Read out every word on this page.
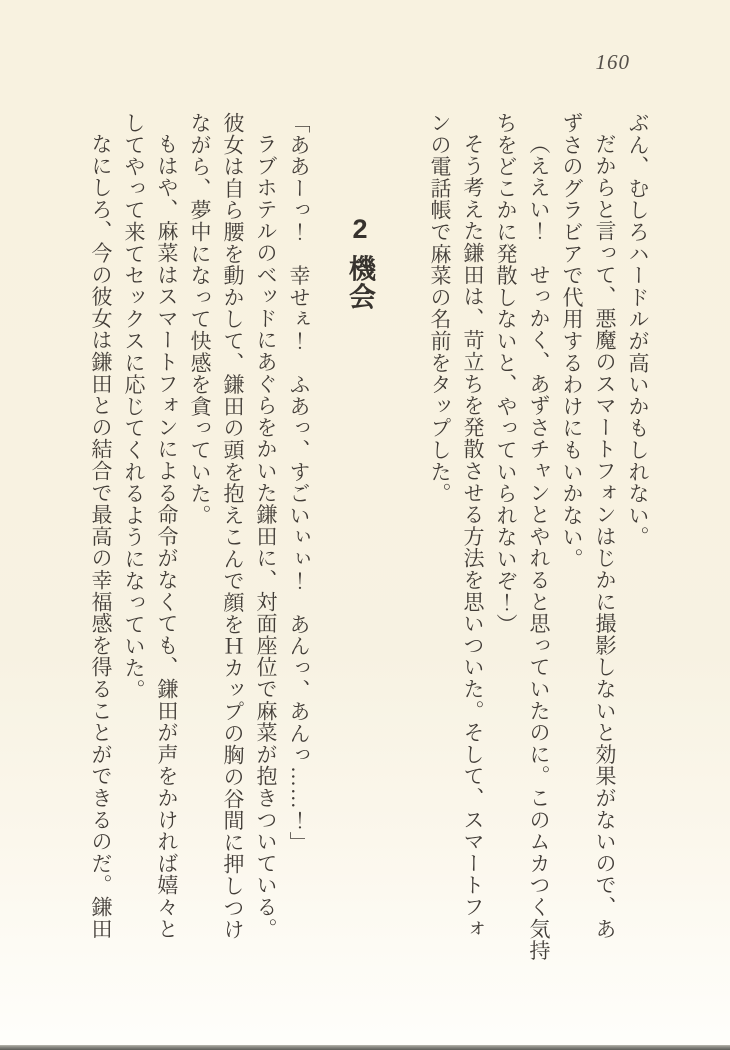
160
ぶん、むしろハードルが高いかもしれない。
だからと言って、悪魔のスマートフォンはじかに撮影しないと効果がないので、あ
ずさのグラビアで代用するわけにもいかない。
（ええい！　せっかく、あずさチャンとやれると思っていたのに。このムカつく気持
ちをどこかに発散しないと、やっていられないぞ！）
そう考えた鎌田は、苛立ちを発散させる方法を思いついた。そして、スマートフォ
ンの電話帳で麻菜の名前をタップした。
2機会
「ああーっ！　幸せぇ！　ふあっ、すごいぃぃ！　あんっ、あんっ……！」
ラブホテルのベッドにあぐらをかいた鎌田に、対面座位で麻菜が抱きついている。
彼女は自ら腰を動かして、鎌田の頭を抱えこんで顔をＨカップの胸の谷間に押しつけ
ながら、夢中になって快感を貪っていた。
もはや、麻菜はスマートフォンによる命令がなくても、鎌田が声をかければ嬉々と
してやって来てセックスに応じてくれるようになっていた。
なにしろ、今の彼女は鎌田との結合で最高の幸福感を得ることができるのだ。鎌田
